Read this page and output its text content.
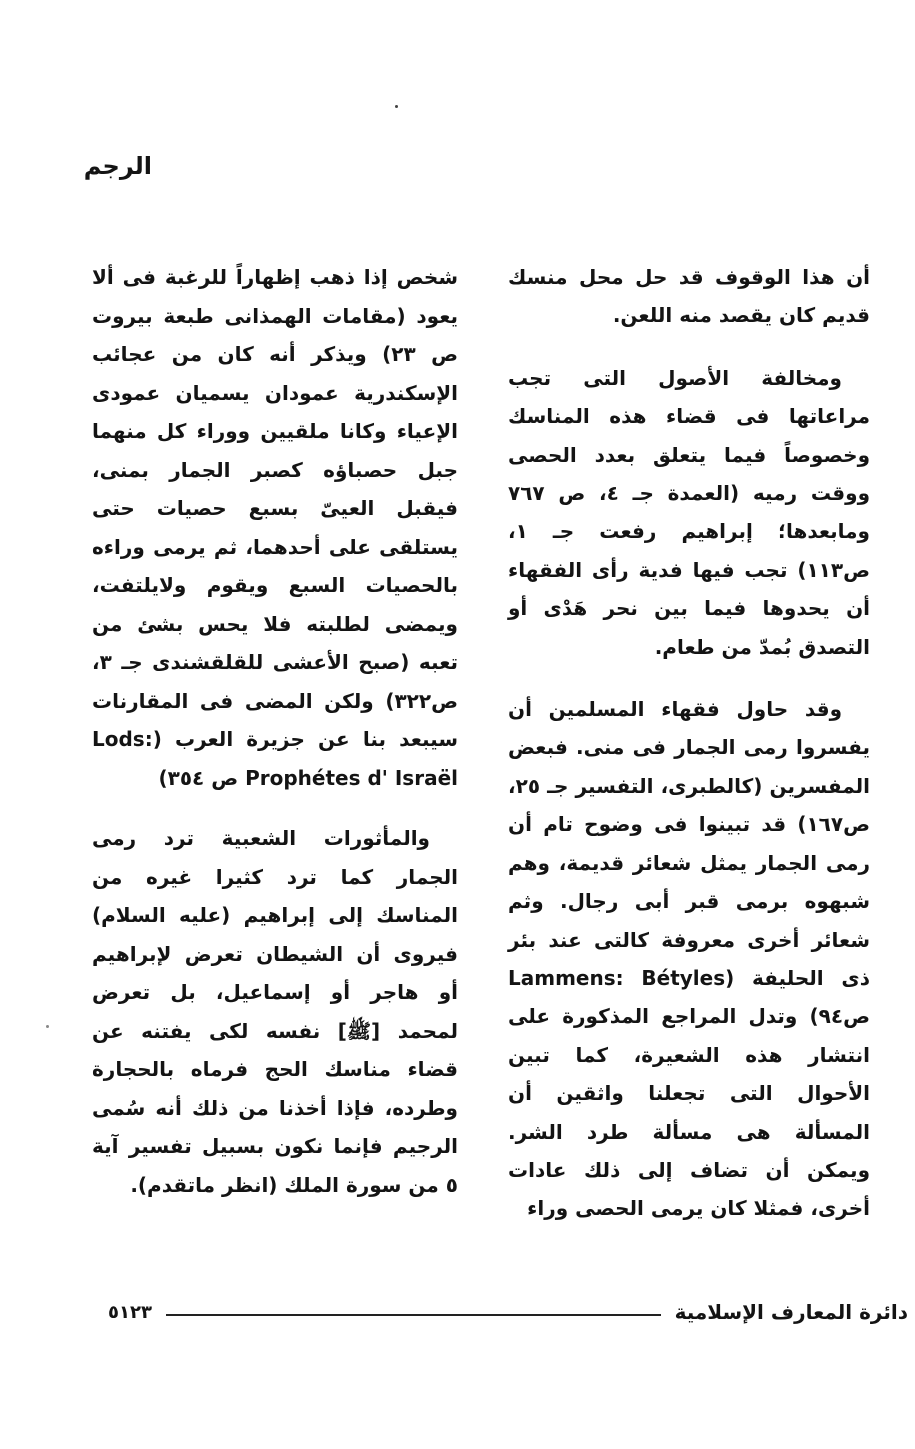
الرجم

أن هذا الوقوف قد حل محل منسك قديم كان يقصد منه اللعن.

ومخالفة الأصول التى تجب مراعاتها فى قضاء هذه المناسك وخصوصاً فيما يتعلق بعدد الحصى ووقت رميه (العمدة جـ ٤، ص ٧٦٧ ومابعدها؛ إبراهيم رفعت جـ ١، ص١١٣) تجب فيها فدية رأى الفقهاء أن يحدوها فيما بين نحر هَدْى أو التصدق بُمدّ من طعام.

وقد حاول فقهاء المسلمين أن يفسروا رمى الجمار فى منى. فبعض المفسرين (كالطبرى، التفسير جـ ٢٥، ص١٦٧) قد تبينوا فى وضوح تام أن رمى الجمار يمثل شعائر قديمة، وهم شبهوه برمى قبر أبى رجال. وثم شعائر أخرى معروفة كالتى عند بئر ذى الحليفة (Lammens: Bétyles ص٩٤) وتدل المراجع المذكورة على انتشار هذه الشعيرة، كما تبين الأحوال التى تجعلنا واثقين أن المسألة هى مسألة طرد الشر. ويمكن أن تضاف إلى ذلك عادات أخرى، فمثلا كان يرمى الحصى وراء

شخص إذا ذهب إظهاراً للرغبة فى ألا يعود (مقامات الهمذانى طبعة بيروت ص ٢٣) ويذكر أنه كان من عجائب الإسكندرية عمودان يسميان عمودى الإعياء وكانا ملقيين ووراء كل منهما جبل حصباؤه كصبر الجمار بمنى، فيقبل العيىّ بسبع حصيات حتى يستلقى على أحدهما، ثم يرمى وراءه بالحصيات السبع ويقوم ولايلتفت، ويمضى لطلبته فلا يحس بشئ من تعبه (صبح الأعشى للقلقشندى جـ ٣، ص٣٢٢) ولكن المضى فى المقارنات سيبعد بنا عن جزيرة العرب (Lods: Prophétes d' Israël ص ٣٥٤)

والمأثورات الشعبية ترد رمى الجمار كما ترد كثيرا غيره من المناسك إلى إبراهيم (عليه السلام) فيروى أن الشيطان تعرض لإبراهيم أو هاجر أو إسماعيل، بل تعرض لمحمد [ﷺ] نفسه لكى يفتنه عن قضاء مناسك الحج فرماه بالحجارة وطرده، فإذا أخذنا من ذلك أنه سُمى الرجيم فإنما نكون بسبيل تفسير آية ٥ من سورة الملك (انظر ماتقدم).

دائرة المعارف الإسلامية
٥١٢٣
